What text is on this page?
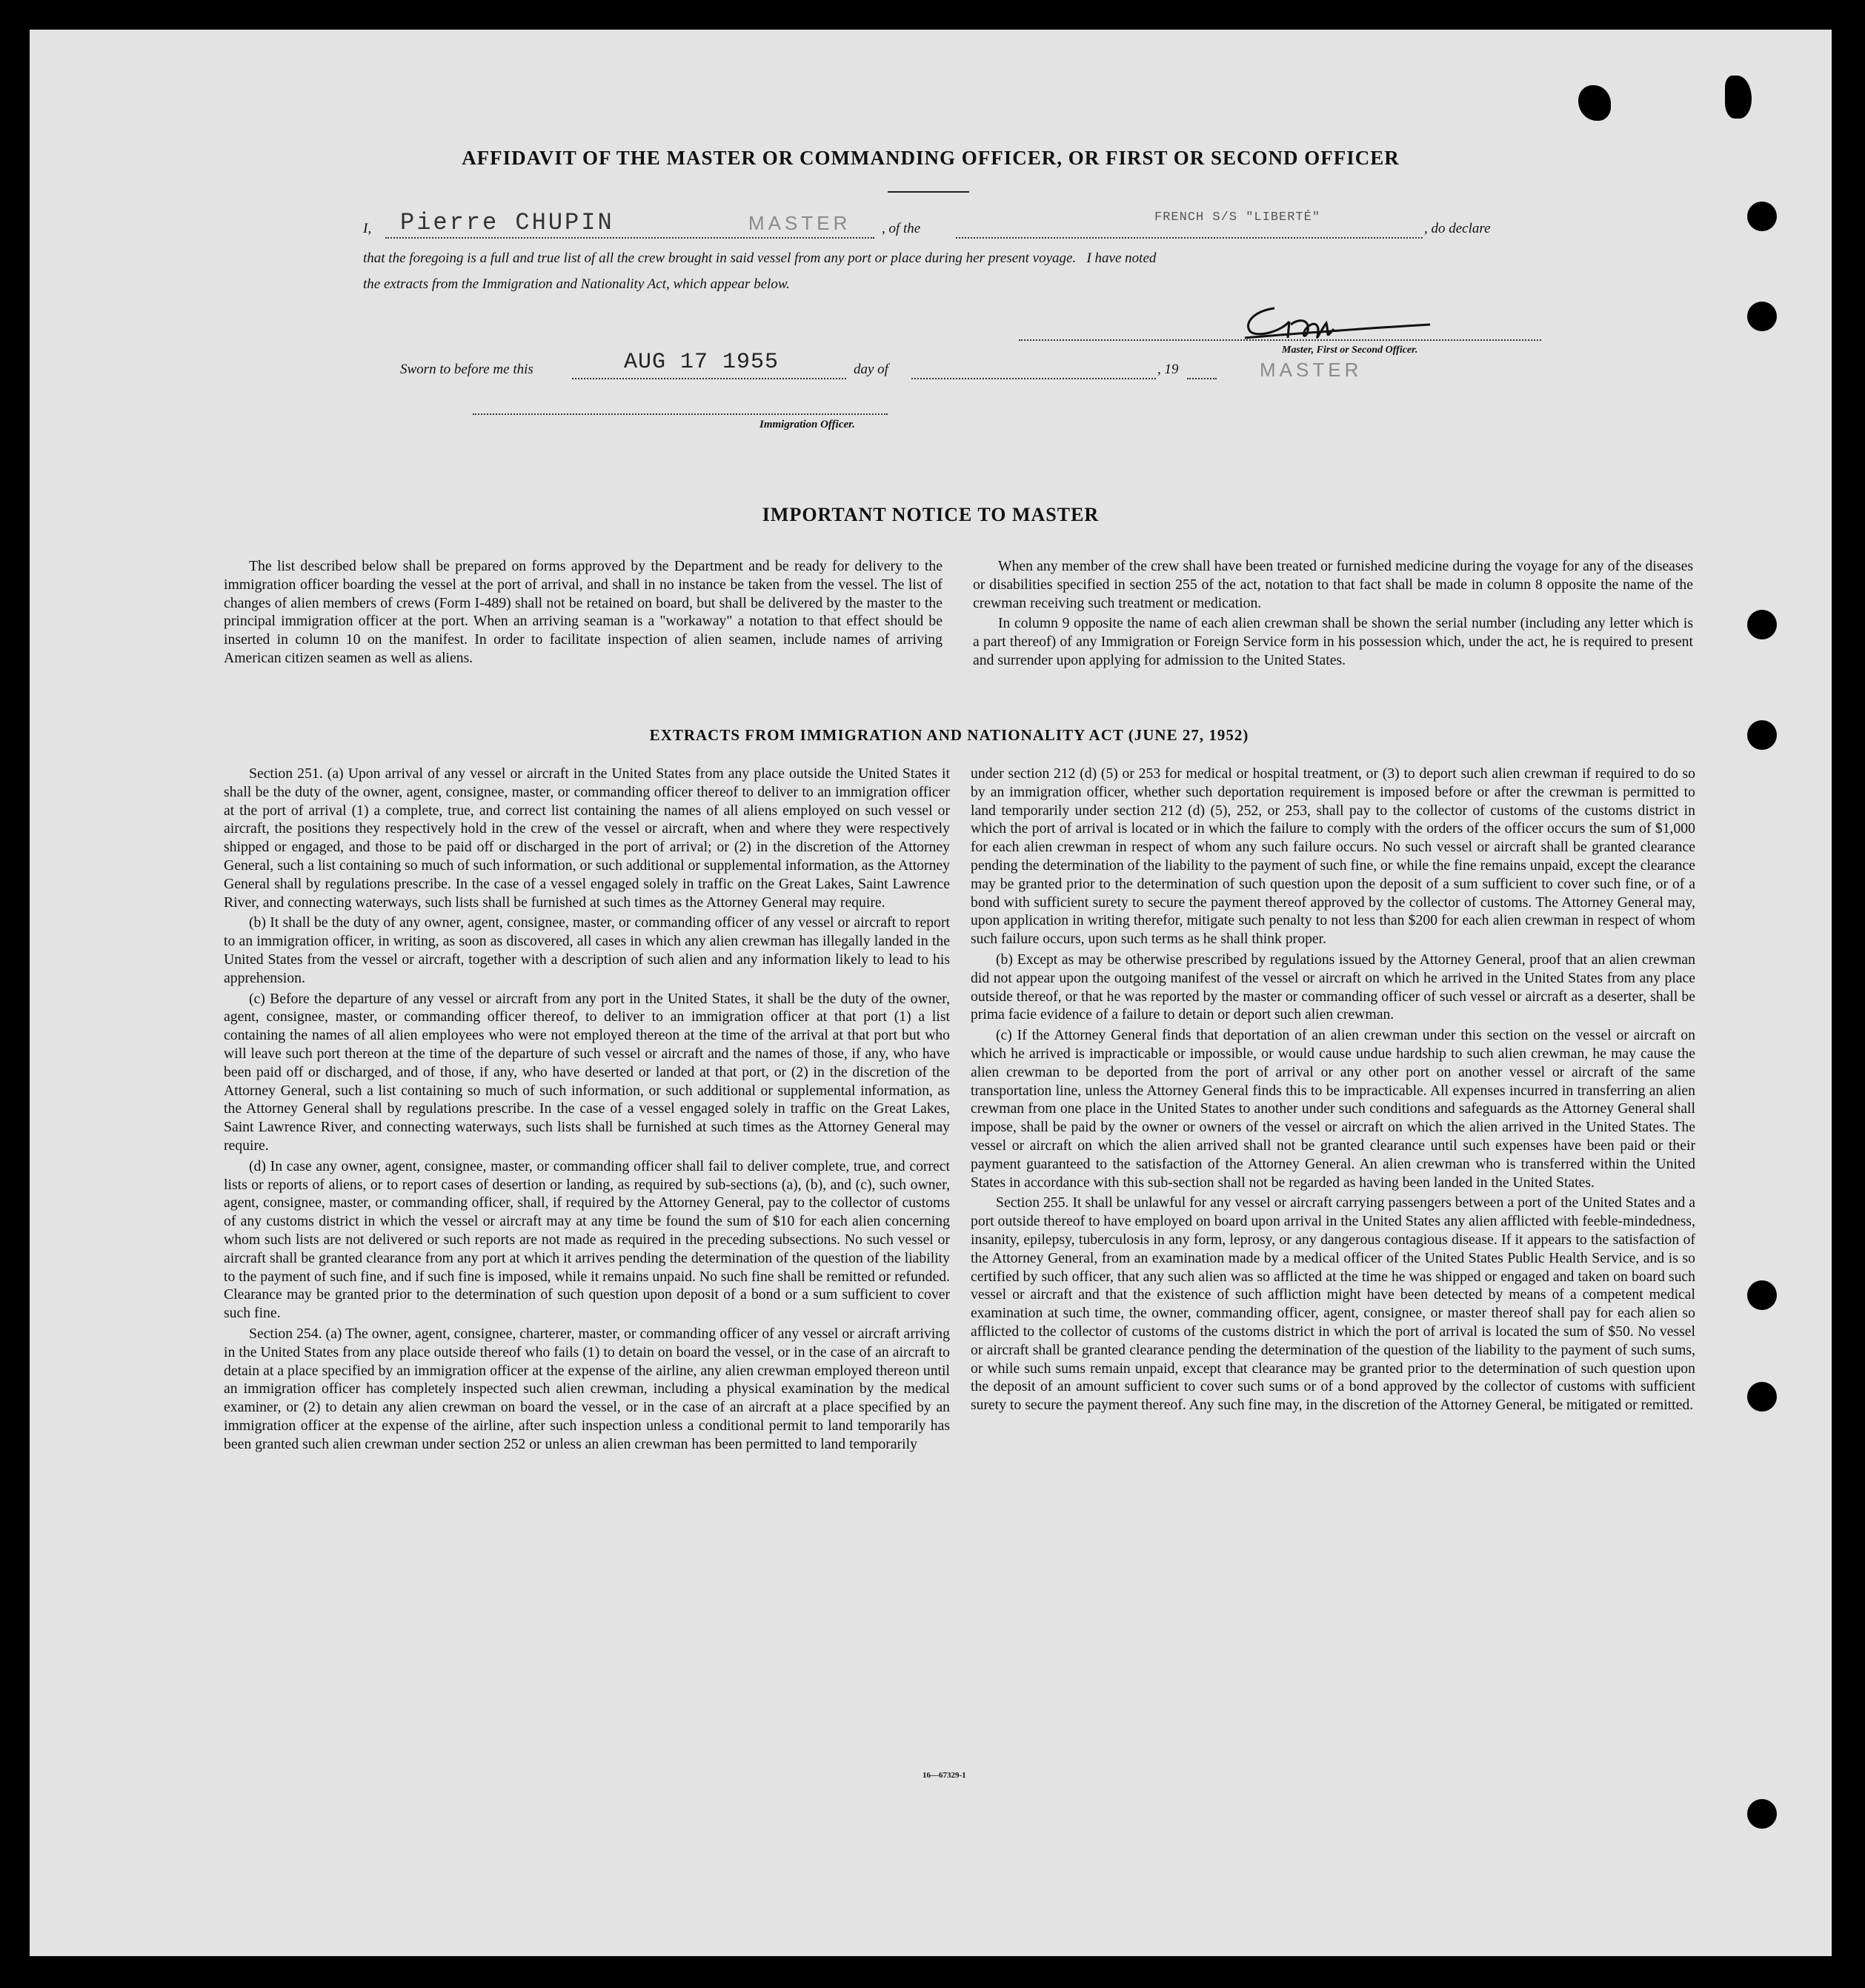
AFFIDAVIT OF THE MASTER OR COMMANDING OFFICER, OR FIRST OR SECOND OFFICER
I, Pierre CHUPIN	MASTER , of the
FRENCH S/S "LIBERTÉ"
, do declare
that the foregoing is a full and true list of all the crew brought in said vessel from any port or place during her present voyage.   I have noted
the extracts from the Immigration and Nationality Act, which appear below.
Master, First or Second Officer.
Sworn to before me this	AUG 17 1955	day of	, 19	MASTER
Immigration Officer.
IMPORTANT NOTICE TO MASTER

The list described below shall be prepared on forms approved by the Department and be ready for delivery to the immigration officer boarding the vessel at the port of arrival, and shall in no instance be taken from the vessel. The list of changes of alien members of crews (Form I-489) shall not be retained on board, but shall be delivered by the master to the principal immigration officer at the port. When an arriving seaman is a "workaway" a notation to that effect should be inserted in column 10 on the manifest. In order to facilitate inspection of alien seamen, include names of arriving American citizen seamen as well as aliens.

When any member of the crew shall have been treated or furnished medicine during the voyage for any of the diseases or disabilities specified in section 255 of the act, notation to that fact shall be made in column 8 opposite the name of the crewman receiving such treatment or medication.

In column 9 opposite the name of each alien crewman shall be shown the serial number (including any letter which is a part thereof) of any Immigration or Foreign Service form in his possession which, under the act, he is required to present and surrender upon applying for admission to the United States.

EXTRACTS FROM IMMIGRATION AND NATIONALITY ACT (JUNE 27, 1952)

Section 251. (a) Upon arrival of any vessel or aircraft in the United States from any place outside the United States it shall be the duty of the owner, agent, consignee, master, or commanding officer thereof to deliver to an immigration officer at the port of arrival (1) a complete, true, and correct list containing the names of all aliens employed on such vessel or aircraft, the positions they respectively hold in the crew of the vessel or aircraft, when and where they were respectively shipped or engaged, and those to be paid off or discharged in the port of arrival; or (2) in the discretion of the Attorney General, such a list containing so much of such information, or such additional or supplemental information, as the Attorney General shall by regulations prescribe. In the case of a vessel engaged solely in traffic on the Great Lakes, Saint Lawrence River, and connecting waterways, such lists shall be furnished at such times as the Attorney General may require.

(b) It shall be the duty of any owner, agent, consignee, master, or commanding officer of any vessel or aircraft to report to an immigration officer, in writing, as soon as discovered, all cases in which any alien crewman has illegally landed in the United States from the vessel or aircraft, together with a description of such alien and any information likely to lead to his apprehension.

(c) Before the departure of any vessel or aircraft from any port in the United States, it shall be the duty of the owner, agent, consignee, master, or commanding officer thereof, to deliver to an immigration officer at that port (1) a list containing the names of all alien employees who were not employed thereon at the time of the arrival at that port but who will leave such port thereon at the time of the departure of such vessel or aircraft and the names of those, if any, who have been paid off or discharged, and of those, if any, who have deserted or landed at that port, or (2) in the discretion of the Attorney General, such a list containing so much of such information, or such additional or supplemental information, as the Attorney General shall by regulations prescribe. In the case of a vessel engaged solely in traffic on the Great Lakes, Saint Lawrence River, and connecting waterways, such lists shall be furnished at such times as the Attorney General may require.

(d) In case any owner, agent, consignee, master, or commanding officer shall fail to deliver complete, true, and correct lists or reports of aliens, or to report cases of desertion or landing, as required by sub-sections (a), (b), and (c), such owner, agent, consignee, master, or commanding officer, shall, if required by the Attorney General, pay to the collector of customs of any customs district in which the vessel or aircraft may at any time be found the sum of $10 for each alien concerning whom such lists are not delivered or such reports are not made as required in the preceding subsections. No such vessel or aircraft shall be granted clearance from any port at which it arrives pending the determination of the question of the liability to the payment of such fine, and if such fine is imposed, while it remains unpaid. No such fine shall be remitted or refunded. Clearance may be granted prior to the determination of such question upon deposit of a bond or a sum sufficient to cover such fine.

Section 254. (a) The owner, agent, consignee, charterer, master, or commanding officer of any vessel or aircraft arriving in the United States from any place outside thereof who fails (1) to detain on board the vessel, or in the case of an aircraft to detain at a place specified by an immigration officer at the expense of the airline, any alien crewman employed thereon until an immigration officer has completely inspected such alien crewman, including a physical examination by the medical examiner, or (2) to detain any alien crewman on board the vessel, or in the case of an aircraft at a place specified by an immigration officer at the expense of the airline, after such inspection unless a conditional permit to land temporarily has been granted such alien crewman under section 252 or unless an alien crewman has been permitted to land temporarily

under section 212 (d) (5) or 253 for medical or hospital treatment, or (3) to deport such alien crewman if required to do so by an immigration officer, whether such deportation requirement is imposed before or after the crewman is permitted to land temporarily under section 212 (d) (5), 252, or 253, shall pay to the collector of customs of the customs district in which the port of arrival is located or in which the failure to comply with the orders of the officer occurs the sum of $1,000 for each alien crewman in respect of whom any such failure occurs. No such vessel or aircraft shall be granted clearance pending the determination of the liability to the payment of such fine, or while the fine remains unpaid, except the clearance may be granted prior to the determination of such question upon the deposit of a sum sufficient to cover such fine, or of a bond with sufficient surety to secure the payment thereof approved by the collector of customs. The Attorney General may, upon application in writing therefor, mitigate such penalty to not less than $200 for each alien crewman in respect of whom such failure occurs, upon such terms as he shall think proper.

(b) Except as may be otherwise prescribed by regulations issued by the Attorney General, proof that an alien crewman did not appear upon the outgoing manifest of the vessel or aircraft on which he arrived in the United States from any place outside thereof, or that he was reported by the master or commanding officer of such vessel or aircraft as a deserter, shall be prima facie evidence of a failure to detain or deport such alien crewman.

(c) If the Attorney General finds that deportation of an alien crewman under this section on the vessel or aircraft on which he arrived is impracticable or impossible, or would cause undue hardship to such alien crewman, he may cause the alien crewman to be deported from the port of arrival or any other port on another vessel or aircraft of the same transportation line, unless the Attorney General finds this to be impracticable. All expenses incurred in transferring an alien crewman from one place in the United States to another under such conditions and safeguards as the Attorney General shall impose, shall be paid by the owner or owners of the vessel or aircraft on which the alien arrived in the United States. The vessel or aircraft on which the alien arrived shall not be granted clearance until such expenses have been paid or their payment guaranteed to the satisfaction of the Attorney General. An alien crewman who is transferred within the United States in accordance with this sub-section shall not be regarded as having been landed in the United States.

Section 255. It shall be unlawful for any vessel or aircraft carrying passengers between a port of the United States and a port outside thereof to have employed on board upon arrival in the United States any alien afflicted with feeble-mindedness, insanity, epilepsy, tuberculosis in any form, leprosy, or any dangerous contagious disease. If it appears to the satisfaction of the Attorney General, from an examination made by a medical officer of the United States Public Health Service, and is so certified by such officer, that any such alien was so afflicted at the time he was shipped or engaged and taken on board such vessel or aircraft and that the existence of such affliction might have been detected by means of a competent medical examination at such time, the owner, commanding officer, agent, consignee, or master thereof shall pay for each alien so afflicted to the collector of customs of the customs district in which the port of arrival is located the sum of $50. No vessel or aircraft shall be granted clearance pending the determination of the question of the liability to the payment of such sums, or while such sums remain unpaid, except that clearance may be granted prior to the determination of such question upon the deposit of an amount sufficient to cover such sums or of a bond approved by the collector of customs with sufficient surety to secure the payment thereof. Any such fine may, in the discretion of the Attorney General, be mitigated or remitted.

16—67329-1
